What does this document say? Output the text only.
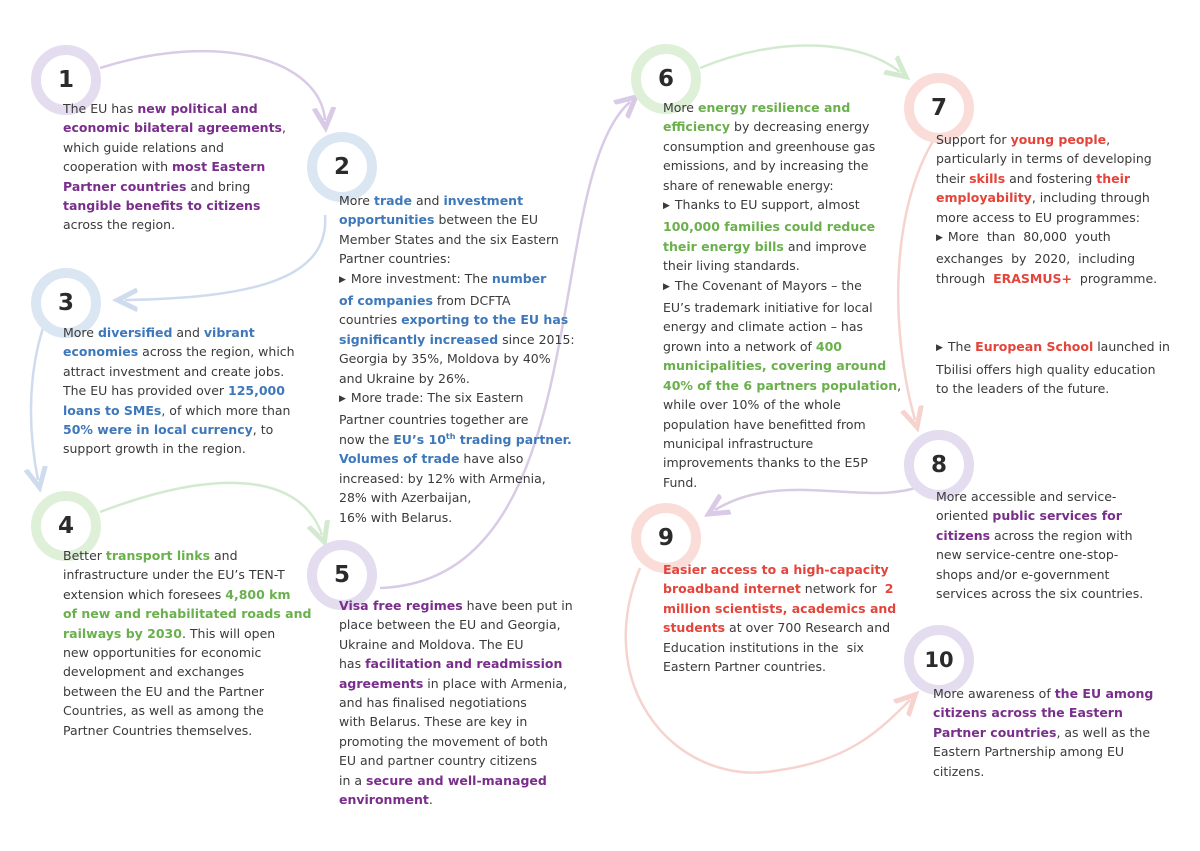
1

The EU has new political and

economic bilateral agreements,

which guide relations and

cooperation with most Eastern

Partner countries and bring

tangible benefits to citizens

across the region.

2

More trade and investment

opportunities between the EU

Member States and the six Eastern

Partner countries:

▶ More investment: The number

of companies from DCFTA

countries exporting to the EU has

significantly increased since 2015:

Georgia by 35%, Moldova by 40%

and Ukraine by 26%.

▶ More trade: The six Eastern

Partner countries together are

now the EU’s 10th trading partner.

Volumes of trade have also

increased: by 12% with Armenia,

28% with Azerbaijan,

16% with Belarus.

3

More diversified and vibrant

economies across the region, which

attract investment and create jobs.

The EU has provided over 125,000

loans to SMEs, of which more than

50% were in local currency, to

support growth in the region.

4

Better transport links and

infrastructure under the EU’s TEN-T

extension which foresees 4,800 km

of new and rehabilitated roads and

railways by 2030. This will open

new opportunities for economic

development and exchanges

between the EU and the Partner

Countries, as well as among the

Partner Countries themselves.

5

Visa free regimes have been put in

place between the EU and Georgia,

Ukraine and Moldova. The EU

has facilitation and readmission

agreements in place with Armenia,

and has finalised negotiations

with Belarus. These are key in

promoting the movement of both

EU and partner country citizens

in a secure and well-managed

environment.

6

More energy resilience and

efficiency by decreasing energy

consumption and greenhouse gas

emissions, and by increasing the

share of renewable energy:

▶ Thanks to EU support, almost

100,000 families could reduce

their energy bills and improve

their living standards.

▶ The Covenant of Mayors – the

EU’s trademark initiative for local

energy and climate action – has

grown into a network of 400

municipalities, covering around

40% of the 6 partners population,

while over 10% of the whole

population have benefitted from

municipal infrastructure

improvements thanks to the E5P

Fund.

7

Support for young people,

particularly in terms of developing

their skills and fostering their

employability, including through

more access to EU programmes:

▶ More  than  80,000  youth

exchanges  by  2020,  including

through  ERASMUS+  programme.

▶ The European School launched in

Tbilisi offers high quality education

to the leaders of the future.

8

More accessible and service-

oriented public services for

citizens across the region with

new service-centre one-stop-

shops and/or e-government

services across the six countries.

9

Easier access to a high-capacity

broadband internet network for  2

million scientists, academics and

students at over 700 Research and

Education institutions in the  six

Eastern Partner countries.	10

More awareness of the EU among

citizens across the Eastern

Partner countries, as well as the

Eastern Partnership among EU

citizens.
